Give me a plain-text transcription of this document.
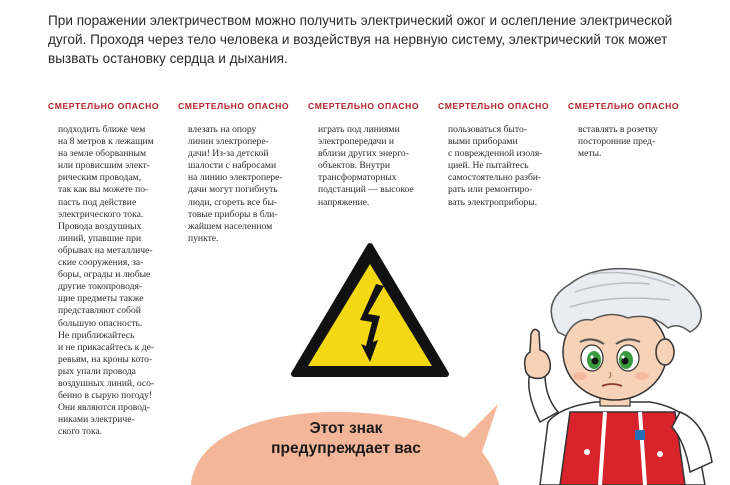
При поражении электричеством можно получить электрический ожог и ослепление электрической дугой. Проходя через тело человека и воздействуя на нервную систему, электрический ток может вызвать остановку сердца и дыхания.

СМЕРТЕЛЬНО ОПАСНО
подходить ближе чем
на 8 метров к лежащим
на земле оборванным
или провисшим элект-
рическим проводам,
так как вы можете по-
пасть под действие
электрического тока.
Провода воздушных
линий, упавшие при
обрывах на металличе-
ские сооружения, за-
боры, ограды и любые
другие токопроводя-
щие предметы также
представляют собой
большую опасность.
Не приближайтесь
и не прикасайтесь к де-
ревьям, на кроны кото-
рых упали провода
воздушных линий, осо-
бенно в сырую погоду!
Они являются провод-
никами электриче-
ского тока.
СМЕРТЕЛЬНО ОПАСНО
влезать на опору
линии электропере-
дачи! Из-за детской
шалости с набросами
на линию электропере-
дачи могут погибнуть
люди, сгореть все бы-
товые приборы в бли-
жайшем населенном
пункте.
СМЕРТЕЛЬНО ОПАСНО
играть под линиями
электропередачи и
вблизи других энерго-
объектов. Внутри
трансформаторных
подстанций — высокое
напряжение.
СМЕРТЕЛЬНО ОПАСНО
пользоваться быто-
выми приборами
с поврежденной изоля-
цией. Не пытайтесь
самостоятельно разби-
рать или ремонтиро-
вать электроприборы.
СМЕРТЕЛЬНО ОПАСНО
вставлять в розетку
посторонние пред-
меты.
Этот знак
предупреждает вас
